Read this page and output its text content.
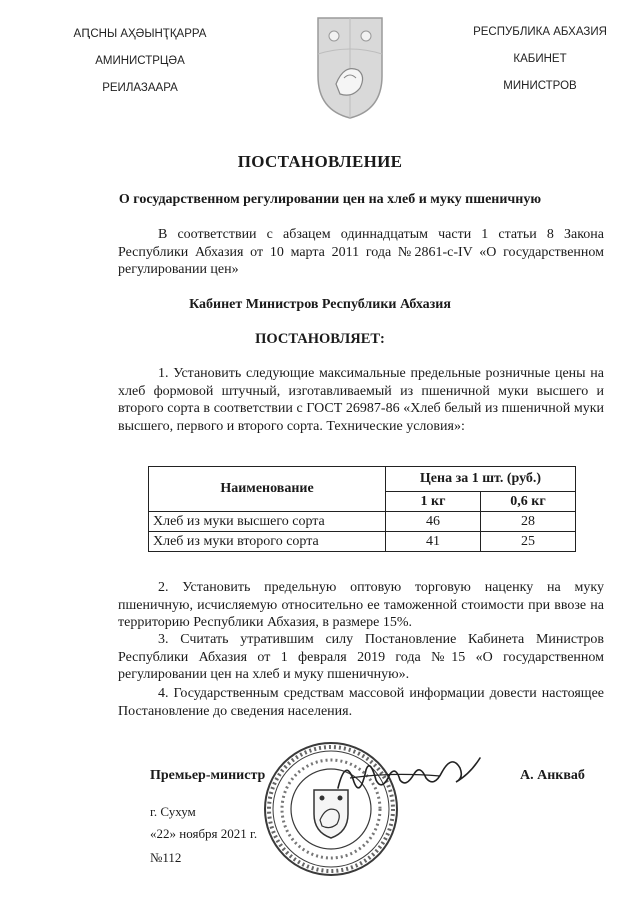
АԤСНЫ АҲӘЫНҬҚАРРА
АМИНИСТРЦӘА
РЕИЛАЗААРА
РЕСПУБЛИКА АБХАЗИЯ
КАБИНЕТ
МИНИСТРОВ
ПОСТАНОВЛЕНИЕ
О государственном регулировании цен на хлеб и муку пшеничную
В соответствии с абзацем одиннадцатым части 1 статьи 8 Закона Республики Абхазия от 10 марта 2011 года №2861-с-IV «О государственном регулировании цен»
Кабинет Министров Республики Абхазия
ПОСТАНОВЛЯЕТ:
1. Установить следующие максимальные предельные розничные цены на хлеб формовой штучный, изготавливаемый из пшеничной муки высшего и второго сорта в соответствии с ГОСТ 26987-86 «Хлеб белый из пшеничной муки высшего, первого и второго сорта. Технические условия»:
Наименование	Цена за 1 шт. (руб.)	
	1 кг	0,6 кг
Хлеб из муки высшего сорта	46	28
Хлеб из муки второго сорта	41	25
2. Установить предельную оптовую торговую наценку на муку пшеничную, исчисляемую относительно ее таможенной стоимости при ввозе на территорию Республики Абхазия, в размере 15%.
3. Считать утратившим силу Постановление Кабинета Министров Республики Абхазия от 1 февраля 2019 года №15 «О государственном регулировании цен на хлеб и муку пшеничную».
4. Государственным средствам массовой информации довести настоящее Постановление до сведения населения.
Премьер-министр	А. Анкваб
г. Сухум
«22» ноября 2021 г.
№112
